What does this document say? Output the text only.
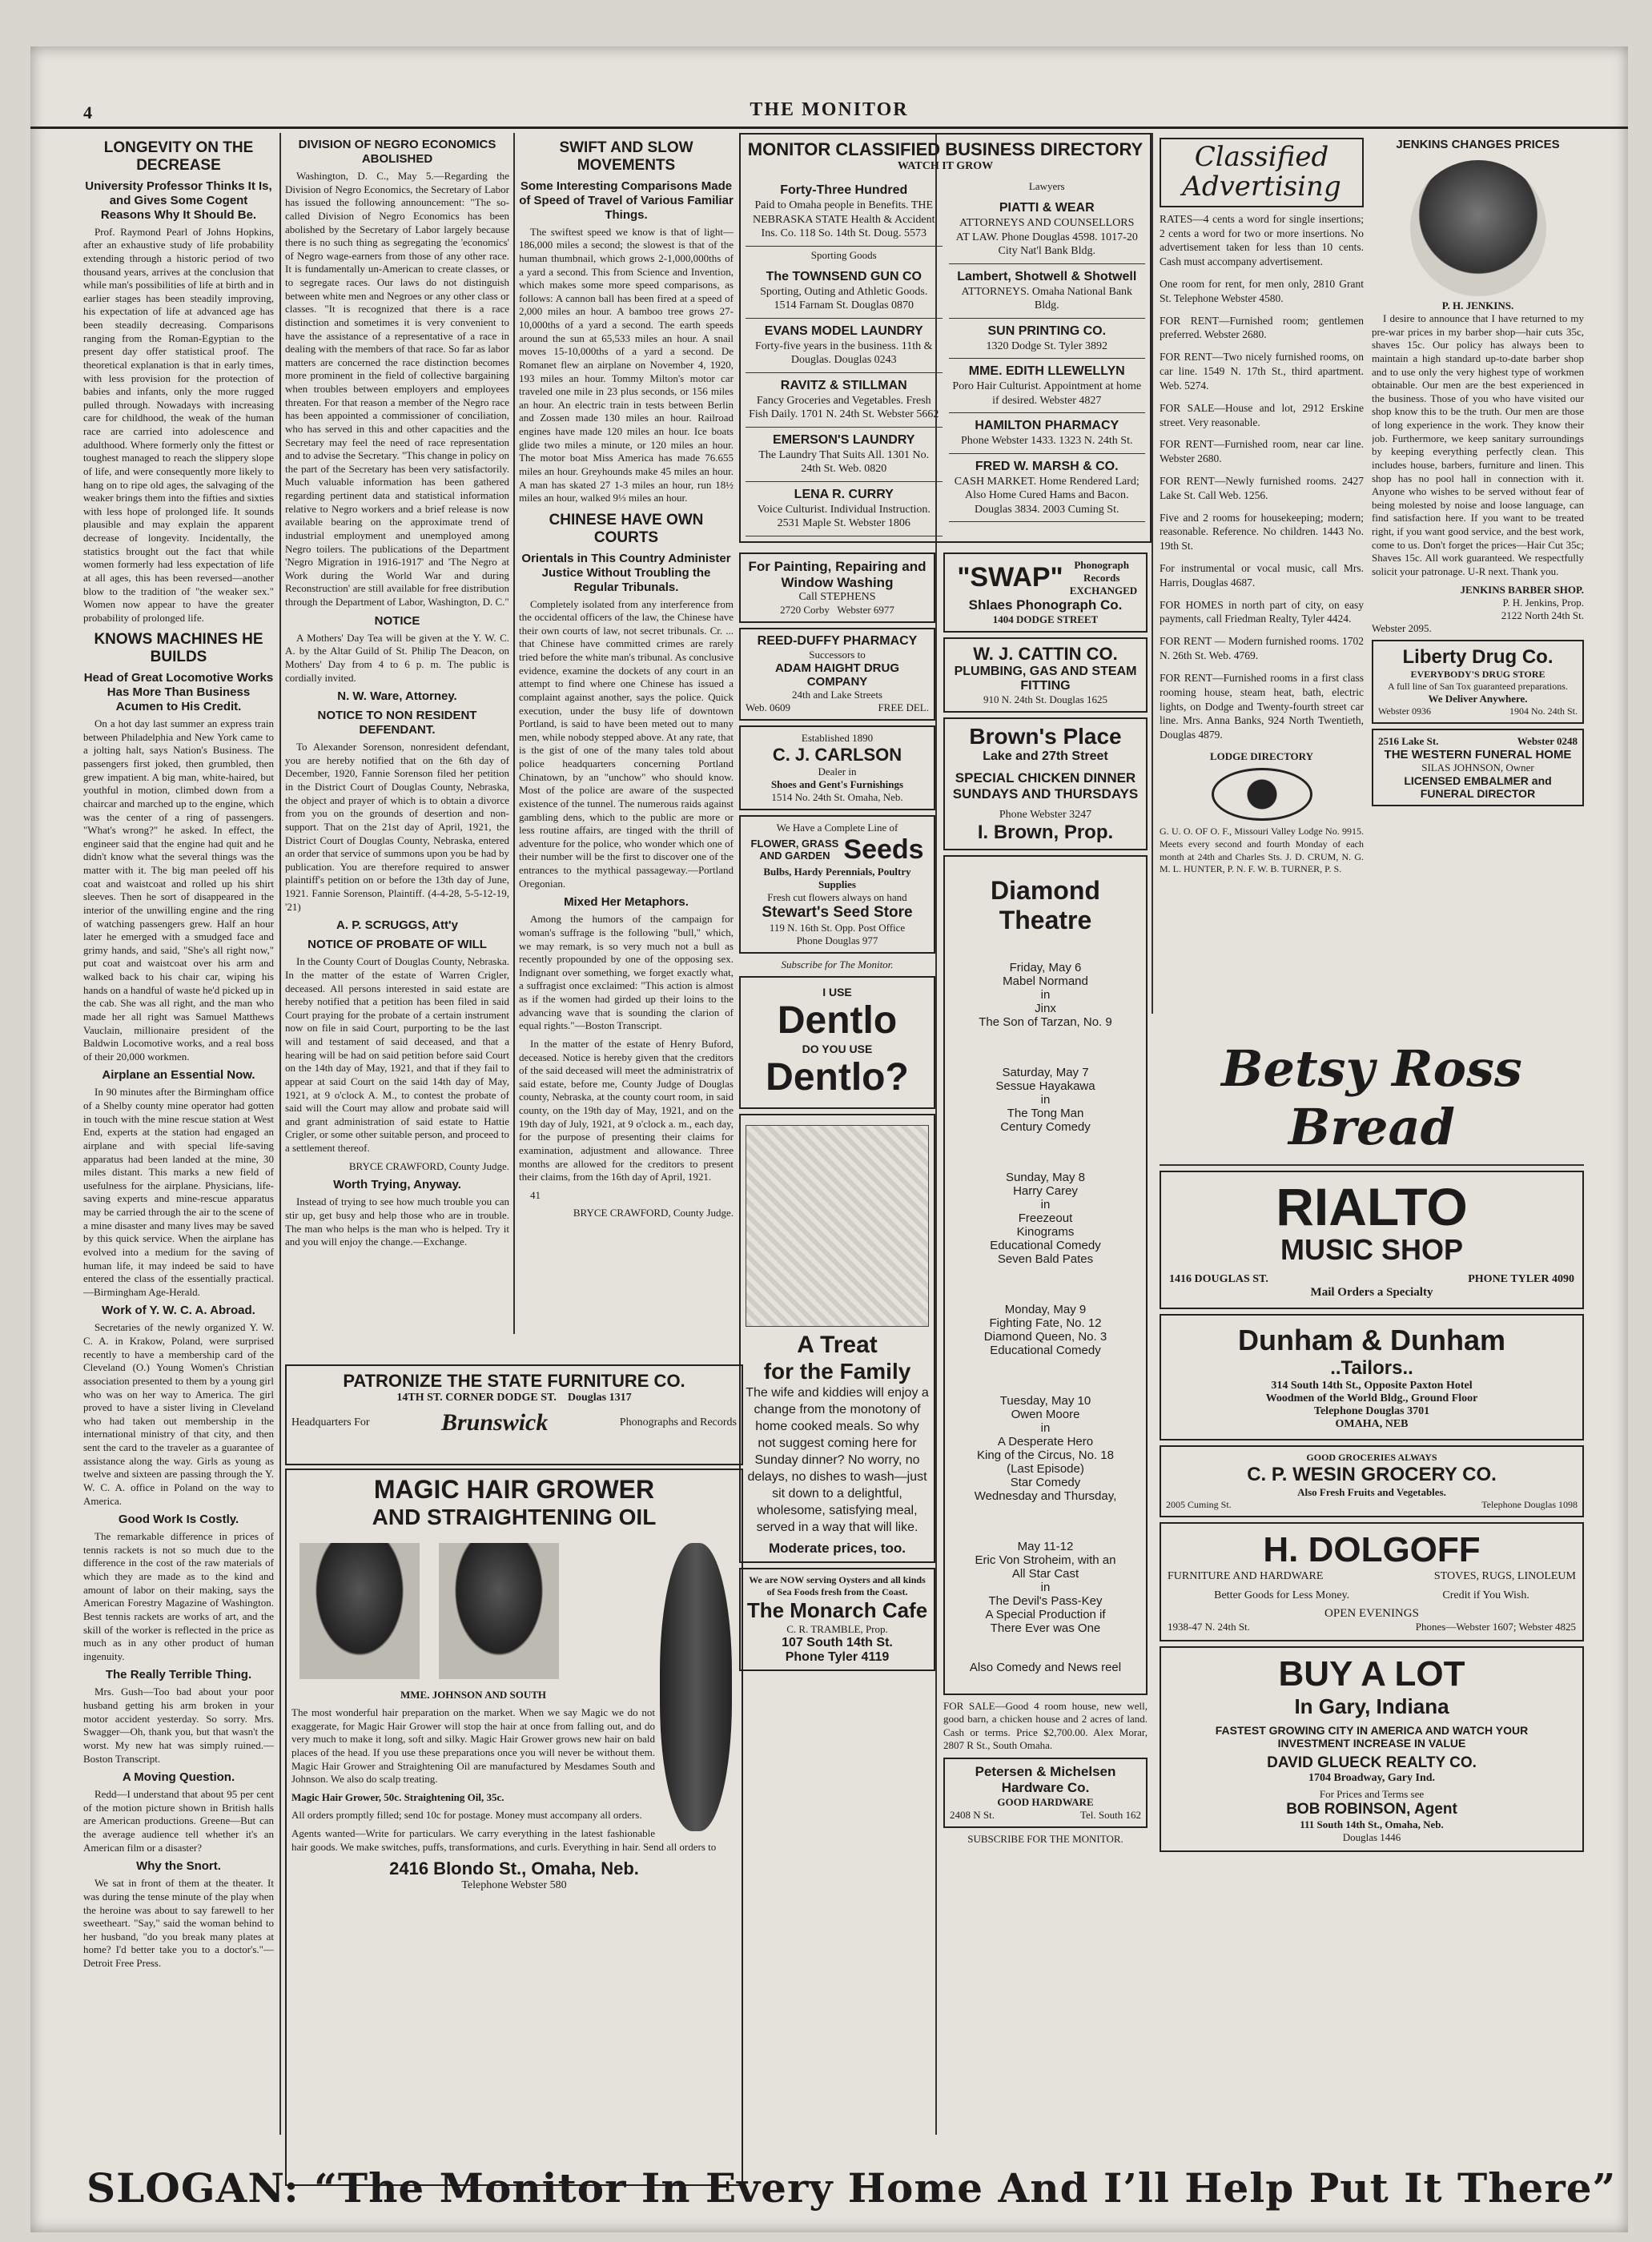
4	THE MONITOR
LONGEVITY ON THE DECREASE
University Professor Thinks It Is, and Gives Some Cogent Reasons Why It Should Be.

Prof. Raymond Pearl of Johns Hopkins, after an exhaustive study of life probability extending through a historic period of two thousand years, arrives at the conclusion that while man's possibilities of life at birth and in earlier stages has been steadily improving, his expectation of life at advanced age has been steadily decreasing. Comparisons ranging from the Roman-Egyptian to the present day offer statistical proof. The theoretical explanation is that in early times, with less provision for the protection of babies and infants, only the more rugged pulled through. Nowadays with increasing care for childhood, the weak of the human race are carried into adolescence and adulthood. Where formerly only the fittest or toughest managed to reach the slippery slope of life, and were consequently more likely to hang on to ripe old ages, the salvaging of the weaker brings them into the fifties and sixties with less hope of prolonged life. It sounds plausible and may explain the apparent decrease of longevity. Incidentally, the statistics brought out the fact that while women formerly had less expectation of life at all ages, this has been reversed—another blow to the tradition of "the weaker sex." Women now appear to have the greater probability of prolonged life.

KNOWS MACHINES HE BUILDS
Head of Great Locomotive Works Has More Than Business Acumen to His Credit.

On a hot day last summer an express train between Philadelphia and New York came to a jolting halt, says Nation's Business. The passengers first joked, then grumbled, then grew impatient. A big man, white-haired, but youthful in motion, climbed down from a chaircar and marched up to the engine, which was the center of a ring of passengers. "What's wrong?" he asked. In effect, the engineer said that the engine had quit and he didn't know what the several things was the matter with it. The big man peeled off his coat and waistcoat and rolled up his shirt sleeves. Then he sort of disappeared in the interior of the unwilling engine and the ring of watching passengers grew. Half an hour later he emerged with a smudged face and grimy hands, and said, "She's all right now," put coat and waistcoat over his arm and walked back to his chair car, wiping his hands on a handful of waste he'd picked up in the cab. She was all right, and the man who made her all right was Samuel Matthews Vauclain, millionaire president of the Baldwin Locomotive works, and a real boss of their 20,000 workmen.

Airplane an Essential Now.

In 90 minutes after the Birmingham office of a Shelby county mine operator had gotten in touch with the mine rescue station at West End, experts at the station had engaged an airplane and with special life-saving apparatus had been landed at the mine, 30 miles distant. This marks a new field of usefulness for the airplane. Physicians, life-saving experts and mine-rescue apparatus may be carried through the air to the scene of a mine disaster and many lives may be saved by this quick service. When the airplane has evolved into a medium for the saving of human life, it may indeed be said to have entered the class of the essentially practical.—Birmingham Age-Herald.

Work of Y. W. C. A. Abroad.

Secretaries of the newly organized Y. W. C. A. in Krakow, Poland, were surprised recently to have a membership card of the Cleveland (O.) Young Women's Christian association presented to them by a young girl who was on her way to America. The girl proved to have a sister living in Cleveland who had taken out membership in the international ministry of that city, and then sent the card to the traveler as a guarantee of assistance along the way. Girls as young as twelve and sixteen are passing through the Y. W. C. A. office in Poland on the way to America.

Good Work Is Costly.

The remarkable difference in prices of tennis rackets is not so much due to the difference in the cost of the raw materials of which they are made as to the kind and amount of labor on their making, says the American Forestry Magazine of Washington. Best tennis rackets are works of art, and the skill of the worker is reflected in the price as much as in any other product of human ingenuity.

The Really Terrible Thing.

Mrs. Gush—Too bad about your poor husband getting his arm broken in your motor accident yesterday. So sorry. Mrs. Swagger—Oh, thank you, but that wasn't the worst. My new hat was simply ruined.—Boston Transcript.

A Moving Question.

Redd—I understand that about 95 per cent of the motion picture shown in British halls are American productions. Greene—But can the average audience tell whether it's an American film or a disaster?

Why the Snort.

We sat in front of them at the theater. It was during the tense minute of the play when the heroine was about to say farewell to her sweetheart. "Say," said the woman behind to her husband, "do you break many plates at home? I'd better take you to a doctor's."—Detroit Free Press.

DIVISION OF NEGRO ECONOMICS ABOLISHED

Washington, D. C., May 5.—Regarding the Division of Negro Economics, the Secretary of Labor has issued the following announcement: "The so-called Division of Negro Economics has been abolished by the Secretary of Labor largely because there is no such thing as segregating the 'economics' of Negro wage-earners from those of any other race. It is fundamentally un-American to create classes, or to segregate races. Our laws do not distinguish between white men and Negroes or any other class or classes. "It is recognized that there is a race distinction and sometimes it is very convenient to have the assistance of a representative of a race in dealing with the members of that race. So far as labor matters are concerned the race distinction becomes more prominent in the field of collective bargaining when troubles between employers and employees threaten. For that reason a member of the Negro race has been appointed a commissioner of conciliation, who has served in this and other capacities and the Secretary may feel the need of race representation and to advise the Secretary. "This change in policy on the part of the Secretary has been very satisfactorily. Much valuable information has been gathered regarding pertinent data and statistical information relative to Negro workers and a brief release is now available bearing on the approximate trend of industrial employment and unemployed among Negro toilers. The publications of the Department 'Negro Migration in 1916-1917' and 'The Negro at Work during the World War and during Reconstruction' are still available for free distribution through the Department of Labor, Washington, D. C."

NOTICE

A Mothers' Day Tea will be given at the Y. W. C. A. by the Altar Guild of St. Philip The Deacon, on Mothers' Day from 4 to 6 p. m. The public is cordially invited.

N. W. Ware, Attorney.
NOTICE TO NON RESIDENT DEFENDANT.

To Alexander Sorenson, nonresident defendant, you are hereby notified that on the 6th day of December, 1920, Fannie Sorenson filed her petition in the District Court of Douglas County, Nebraska, the object and prayer of which is to obtain a divorce from you on the grounds of desertion and non-support. That on the 21st day of April, 1921, the District Court of Douglas County, Nebraska, entered an order that service of summons upon you be had by publication. You are therefore required to answer plaintiff's petition on or before the 13th day of June, 1921. Fannie Sorenson, Plaintiff. (4-4-28, 5-5-12-19, '21)

A. P. SCRUGGS, Att'y
NOTICE OF PROBATE OF WILL

In the County Court of Douglas County, Nebraska. In the matter of the estate of Warren Crigler, deceased. All persons interested in said estate are hereby notified that a petition has been filed in said Court praying for the probate of a certain instrument now on file in said Court, purporting to be the last will and testament of said deceased, and that a hearing will be had on said petition before said Court on the 14th day of May, 1921, and that if they fail to appear at said Court on the said 14th day of May, 1921, at 9 o'clock A. M., to contest the probate of said will the Court may allow and probate said will and grant administration of said estate to Hattie Crigler, or some other suitable person, and proceed to a settlement thereof.

BRYCE CRAWFORD, County Judge.

Worth Trying, Anyway.

Instead of trying to see how much trouble you can stir up, get busy and help those who are in trouble. The man who helps is the man who is helped. Try it and you will enjoy the change.—Exchange.

SWIFT AND SLOW MOVEMENTS
Some Interesting Comparisons Made of Speed of Travel of Various Familiar Things.

The swiftest speed we know is that of light—186,000 miles a second; the slowest is that of the human thumbnail, which grows 2-1,000,000ths of a yard a second. This from Science and Invention, which makes some more speed comparisons, as follows: A cannon ball has been fired at a speed of 2,000 miles an hour. A bamboo tree grows 27-10,000ths of a yard a second. The earth speeds around the sun at 65,533 miles an hour. A snail moves 15-10,000ths of a yard a second. De Romanet flew an airplane on November 4, 1920, 193 miles an hour. Tommy Milton's motor car traveled one mile in 23 plus seconds, or 156 miles an hour. An electric train in tests between Berlin and Zossen made 130 miles an hour. Railroad engines have made 120 miles an hour. Ice boats glide two miles a minute, or 120 miles an hour. The motor boat Miss America has made 76.655 miles an hour. Greyhounds make 45 miles an hour. A man has skated 27 1-3 miles an hour, run 18½ miles an hour, walked 9⅓ miles an hour.

CHINESE HAVE OWN COURTS
Orientals in This Country Administer Justice Without Troubling the Regular Tribunals.

Completely isolated from any interference from the occidental officers of the law, the Chinese have their own courts of law, not secret tribunals. Cr. ... that Chinese have committed crimes are rarely tried before the white man's tribunal. As conclusive evidence, examine the dockets of any court in an attempt to find where one Chinese has issued a complaint against another, says the police. Quick execution, under the busy life of downtown Portland, is said to have been meted out to many men, while nobody stepped above. At any rate, that is the gist of one of the many tales told about police headquarters concerning Portland Chinatown, by an "unchow" who should know. Most of the police are aware of the suspected existence of the tunnel. The numerous raids against gambling dens, which to the public are more or less routine affairs, are tinged with the thrill of adventure for the police, who wonder which one of their number will be the first to discover one of the entrances to the mythical passageway.—Portland Oregonian.

Mixed Her Metaphors.

Among the humors of the campaign for woman's suffrage is the following "bull," which, we may remark, is so very much not a bull as recently propounded by one of the opposing sex. Indignant over something, we forget exactly what, a suffragist once exclaimed: "This action is almost as if the women had girded up their loins to the advancing wave that is sounding the clarion of equal rights."—Boston Transcript.

In the matter of the estate of Henry Buford, deceased. Notice is hereby given that the creditors of the said deceased will meet the administratrix of said estate, before me, County Judge of Douglas county, Nebraska, at the county court room, in said county, on the 19th day of May, 1921, and on the 19th day of July, 1921, at 9 o'clock a. m., each day, for the purpose of presenting their claims for examination, adjustment and allowance. Three months are allowed for the creditors to present their claims, from the 16th day of April, 1921.

41

BRYCE CRAWFORD, County Judge.

PATRONIZE THE STATE FURNITURE CO.
14TH ST. CORNER DODGE ST. Douglas 1317
Headquarters For	Brunswick	Phonographs and Records
MAGIC HAIR GROWER
AND STRAIGHTENING OIL

MME. JOHNSON AND SOUTH

The most wonderful hair preparation on the market. When we say Magic we do not exaggerate, for Magic Hair Grower will stop the hair at once from falling out, and do very much to make it long, soft and silky. Magic Hair Grower grows new hair on bald places of the head. If you use these preparations once you will never be without them. Magic Hair Grower and Straightening Oil are manufactured by Mesdames South and Johnson. We also do scalp treating.

Magic Hair Grower, 50c. Straightening Oil, 35c.

All orders promptly filled; send 10c for postage. Money must accompany all orders.

Agents wanted—Write for particulars. We carry everything in the latest fashionable hair goods. We make switches, puffs, transformations, and curls. Everything in hair. Send all orders to

2416 Blondo St., Omaha, Neb.
Telephone Webster 580
MONITOR CLASSIFIED BUSINESS DIRECTORY
WATCH IT GROW
Forty-Three Hundred
Paid to Omaha people in Benefits. THE NEBRASKA STATE Health & Accident Ins. Co. 118 So. 14th St. Doug. 5573
Sporting Goods
The TOWNSEND GUN CO
Sporting, Outing and Athletic Goods. 1514 Farnam St. Douglas 0870
EVANS MODEL LAUNDRY
Forty-five years in the business. 11th & Douglas. Douglas 0243
RAVITZ & STILLMAN
Fancy Groceries and Vegetables. Fresh Fish Daily. 1701 N. 24th St. Webster 5662
EMERSON'S LAUNDRY
The Laundry That Suits All. 1301 No. 24th St. Web. 0820
LENA R. CURRY
Voice Culturist. Individual Instruction. 2531 Maple St. Webster 1806
Lawyers
PIATTI & WEAR
ATTORNEYS AND COUNSELLORS AT LAW. Phone Douglas 4598. 1017-20 City Nat'l Bank Bldg.
Lambert, Shotwell & Shotwell
ATTORNEYS. Omaha National Bank Bldg.
SUN PRINTING CO.
1320 Dodge St. Tyler 3892
MME. EDITH LLEWELLYN
Poro Hair Culturist. Appointment at home if desired. Webster 4827
HAMILTON PHARMACY
Phone Webster 1433. 1323 N. 24th St.
FRED W. MARSH & CO.
CASH MARKET. Home Rendered Lard; Also Home Cured Hams and Bacon. Douglas 3834. 2003 Cuming St.
For Painting, Repairing and Window Washing
Call STEPHENS
2720 Corby Webster 6977
REED-DUFFY PHARMACY
Successors to
ADAM HAIGHT DRUG COMPANY
24th and Lake Streets
Web. 0609	FREE DEL.
Established 1890
C. J. CARLSON
Dealer in
Shoes and Gent's Furnishings
1514 No. 24th St. Omaha, Neb.
We Have a Complete Line of
FLOWER, GRASS AND GARDEN Seeds
Bulbs, Hardy Perennials, Poultry Supplies
Fresh cut flowers always on hand
Stewart's Seed Store
119 N. 16th St. Opp. Post Office
Phone Douglas 977
Subscribe for The Monitor.
I USE
Dentlo
DO YOU USE
Dentlo?
A Treat
for the Family

The wife and kiddies will enjoy a change from the monotony of home cooked meals. So why not suggest coming here for Sunday dinner? No worry, no delays, no dishes to wash—just sit down to a delightful, wholesome, satisfying meal, served in a way that will like.

Moderate prices, too.
We are NOW serving Oysters and all kinds of Sea Foods fresh from the Coast.
The Monarch Cafe
C. R. TRAMBLE, Prop.
107 South 14th St.
Phone Tyler 4119
"SWAP"	Phonograph Records
EXCHANGED
Shlaes Phonograph Co.
1404 DODGE STREET
W. J. CATTIN CO.
PLUMBING, GAS AND STEAM FITTING
910 N. 24th St. Douglas 1625
Brown's Place
Lake and 27th Street
SPECIAL CHICKEN DINNER SUNDAYS AND THURSDAYS
Phone Webster 3247
I. Brown, Prop.

Diamond Theatre

Friday, May 6
Mabel Normand
in
Jinx
The Son of Tarzan, No. 9

Saturday, May 7
Sessue Hayakawa
in
The Tong Man
Century Comedy

Sunday, May 8
Harry Carey
in
Freezeout
Kinograms
Educational Comedy
Seven Bald Pates

Monday, May 9
Fighting Fate, No. 12
Diamond Queen, No. 3
Educational Comedy

Tuesday, May 10
Owen Moore
in
A Desperate Hero
King of the Circus, No. 18
(Last Episode)
Star Comedy
Wednesday and Thursday,

May 11-12
Eric Von Stroheim, with an
All Star Cast
in
The Devil's Pass-Key
A Special Production if
There Ever was One

Also Comedy and News reel

FOR SALE—Good 4 room house, new well, good barn, a chicken house and 2 acres of land. Cash or terms. Price $2,700.00. Alex Morar, 2807 R St., South Omaha.

Petersen & Michelsen Hardware Co.
GOOD HARDWARE
2408 N St.	Tel. South 162
SUBSCRIBE FOR THE MONITOR.
Classified Advertising

RATES—4 cents a word for single insertions; 2 cents a word for two or more insertions. No advertisement taken for less than 10 cents. Cash must accompany advertisement.

One room for rent, for men only, 2810 Grant St. Telephone Webster 4580.

FOR RENT—Furnished room; gentlemen preferred. Webster 2680.

FOR RENT—Two nicely furnished rooms, on car line. 1549 N. 17th St., third apartment. Web. 5274.

FOR SALE—House and lot, 2912 Erskine street. Very reasonable.

FOR RENT—Furnished room, near car line. Webster 2680.

FOR RENT—Newly furnished rooms. 2427 Lake St. Call Web. 1256.

Five and 2 rooms for housekeeping; modern; reasonable. Reference. No children. 1443 No. 19th St.

For instrumental or vocal music, call Mrs. Harris, Douglas 4687.

FOR HOMES in north part of city, on easy payments, call Friedman Realty, Tyler 4424.

FOR RENT — Modern furnished rooms. 1702 N. 26th St. Web. 4769.

FOR RENT—Furnished rooms in a first class rooming house, steam heat, bath, electric lights, on Dodge and Twenty-fourth street car line. Mrs. Anna Banks, 924 North Twentieth, Douglas 4879.

LODGE DIRECTORY

G. U. O. OF O. F., Missouri Valley Lodge No. 9915. Meets every second and fourth Monday of each month at 24th and Charles Sts. J. D. CRUM, N. G. M. L. HUNTER, P. N. F. W. B. TURNER, P. S.

JENKINS CHANGES PRICES
P. H. JENKINS.

I desire to announce that I have returned to my pre-war prices in my barber shop—hair cuts 35c, shaves 15c. Our policy has always been to maintain a high standard up-to-date barber shop and to use only the very highest type of workmen obtainable. Our men are the best experienced in the business. Those of you who have visited our shop know this to be the truth. Our men are those of long experience in the work. They know their job. Furthermore, we keep sanitary surroundings by keeping everything perfectly clean. This includes house, barbers, furniture and linen. This shop has no pool hall in connection with it. Anyone who wishes to be served without fear of being molested by noise and loose language, can find satisfaction here. If you want to be treated right, if you want good service, and the best work, come to us. Don't forget the prices—Hair Cut 35c; Shaves 15c. All work guaranteed. We respectfully solicit your patronage. U-R next. Thank you.

JENKINS BARBER SHOP.
P. H. Jenkins, Prop.
2122 North 24th St.
Webster 2095.
Liberty Drug Co.
EVERYBODY'S DRUG STORE
A full line of San Tox guaranteed preparations.
We Deliver Anywhere.
Webster 0936	1904 No. 24th St.
2516 Lake St.	Webster 0248
THE WESTERN FUNERAL HOME
SILAS JOHNSON, Owner
LICENSED EMBALMER and FUNERAL DIRECTOR
Betsy Ross Bread
RIALTO
MUSIC SHOP
1416 DOUGLAS ST.	PHONE TYLER 4090
Mail Orders a Specialty
Dunham & Dunham
..Tailors..
314 South 14th St., Opposite Paxton Hotel
Woodmen of the World Bldg., Ground Floor
Telephone Douglas 3701
OMAHA, NEB
GOOD GROCERIES ALWAYS
C. P. WESIN GROCERY CO.
Also Fresh Fruits and Vegetables.
2005 Cuming St.	Telephone Douglas 1098
H. DOLGOFF
FURNITURE AND HARDWARE	STOVES, RUGS, LINOLEUM
Better Goods for Less Money.	Credit if You Wish.
OPEN EVENINGS
1938-47 N. 24th St.	Phones—Webster 1607; Webster 4825
BUY A LOT
In Gary, Indiana
FASTEST GROWING CITY IN AMERICA AND WATCH YOUR INVESTMENT INCREASE IN VALUE
DAVID GLUECK REALTY CO.
1704 Broadway, Gary Ind.
For Prices and Terms see
BOB ROBINSON, Agent
111 South 14th St., Omaha, Neb.
Douglas 1446
SLOGAN: “The Monitor In Every Home And I’ll Help Put It There”
